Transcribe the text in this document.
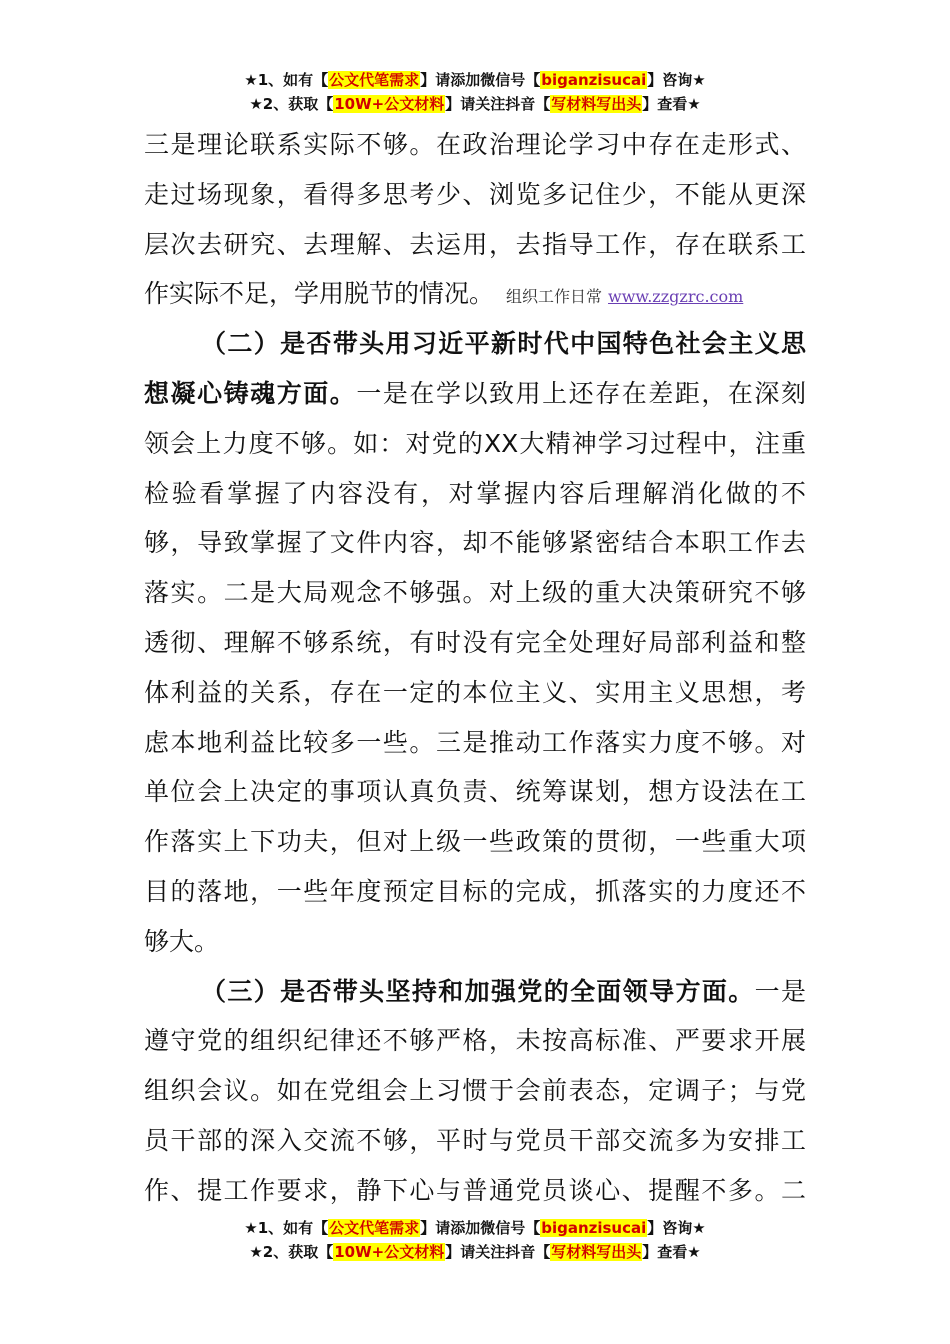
★1、如有【公文代笔需求】请添加微信号【biganzisucai】咨询★
★2、获取【10W+公文材料】请关注抖音【写材料写出头】查看★
三是理论联系实际不够。在政治理论学习中存在走形式、
走过场现象，看得多思考少、浏览多记住少，不能从更深
层次去研究、去理解、去运用，去指导工作，存在联系工
作实际不足，学用脱节的情况。 组织工作日常 www.zzgzrc.com
（二）是否带头用习近平新时代中国特色社会主义思
想凝心铸魂方面。一是在学以致用上还存在差距，在深刻
领会上力度不够。如：对党的XX大精神学习过程中，注重
检验看掌握了内容没有，对掌握内容后理解消化做的不
够，导致掌握了文件内容，却不能够紧密结合本职工作去
落实。二是大局观念不够强。对上级的重大决策研究不够
透彻、理解不够系统，有时没有完全处理好局部利益和整
体利益的关系，存在一定的本位主义、实用主义思想，考
虑本地利益比较多一些。三是推动工作落实力度不够。对
单位会上决定的事项认真负责、统筹谋划，想方设法在工
作落实上下功夫，但对上级一些政策的贯彻，一些重大项
目的落地，一些年度预定目标的完成，抓落实的力度还不
够大。
（三）是否带头坚持和加强党的全面领导方面。一是
遵守党的组织纪律还不够严格，未按高标准、严要求开展
组织会议。如在党组会上习惯于会前表态，定调子；与党
员干部的深入交流不够，平时与党员干部交流多为安排工
作、提工作要求，静下心与普通党员谈心、提醒不多。二
★1、如有【公文代笔需求】请添加微信号【biganzisucai】咨询★
★2、获取【10W+公文材料】请关注抖音【写材料写出头】查看★
